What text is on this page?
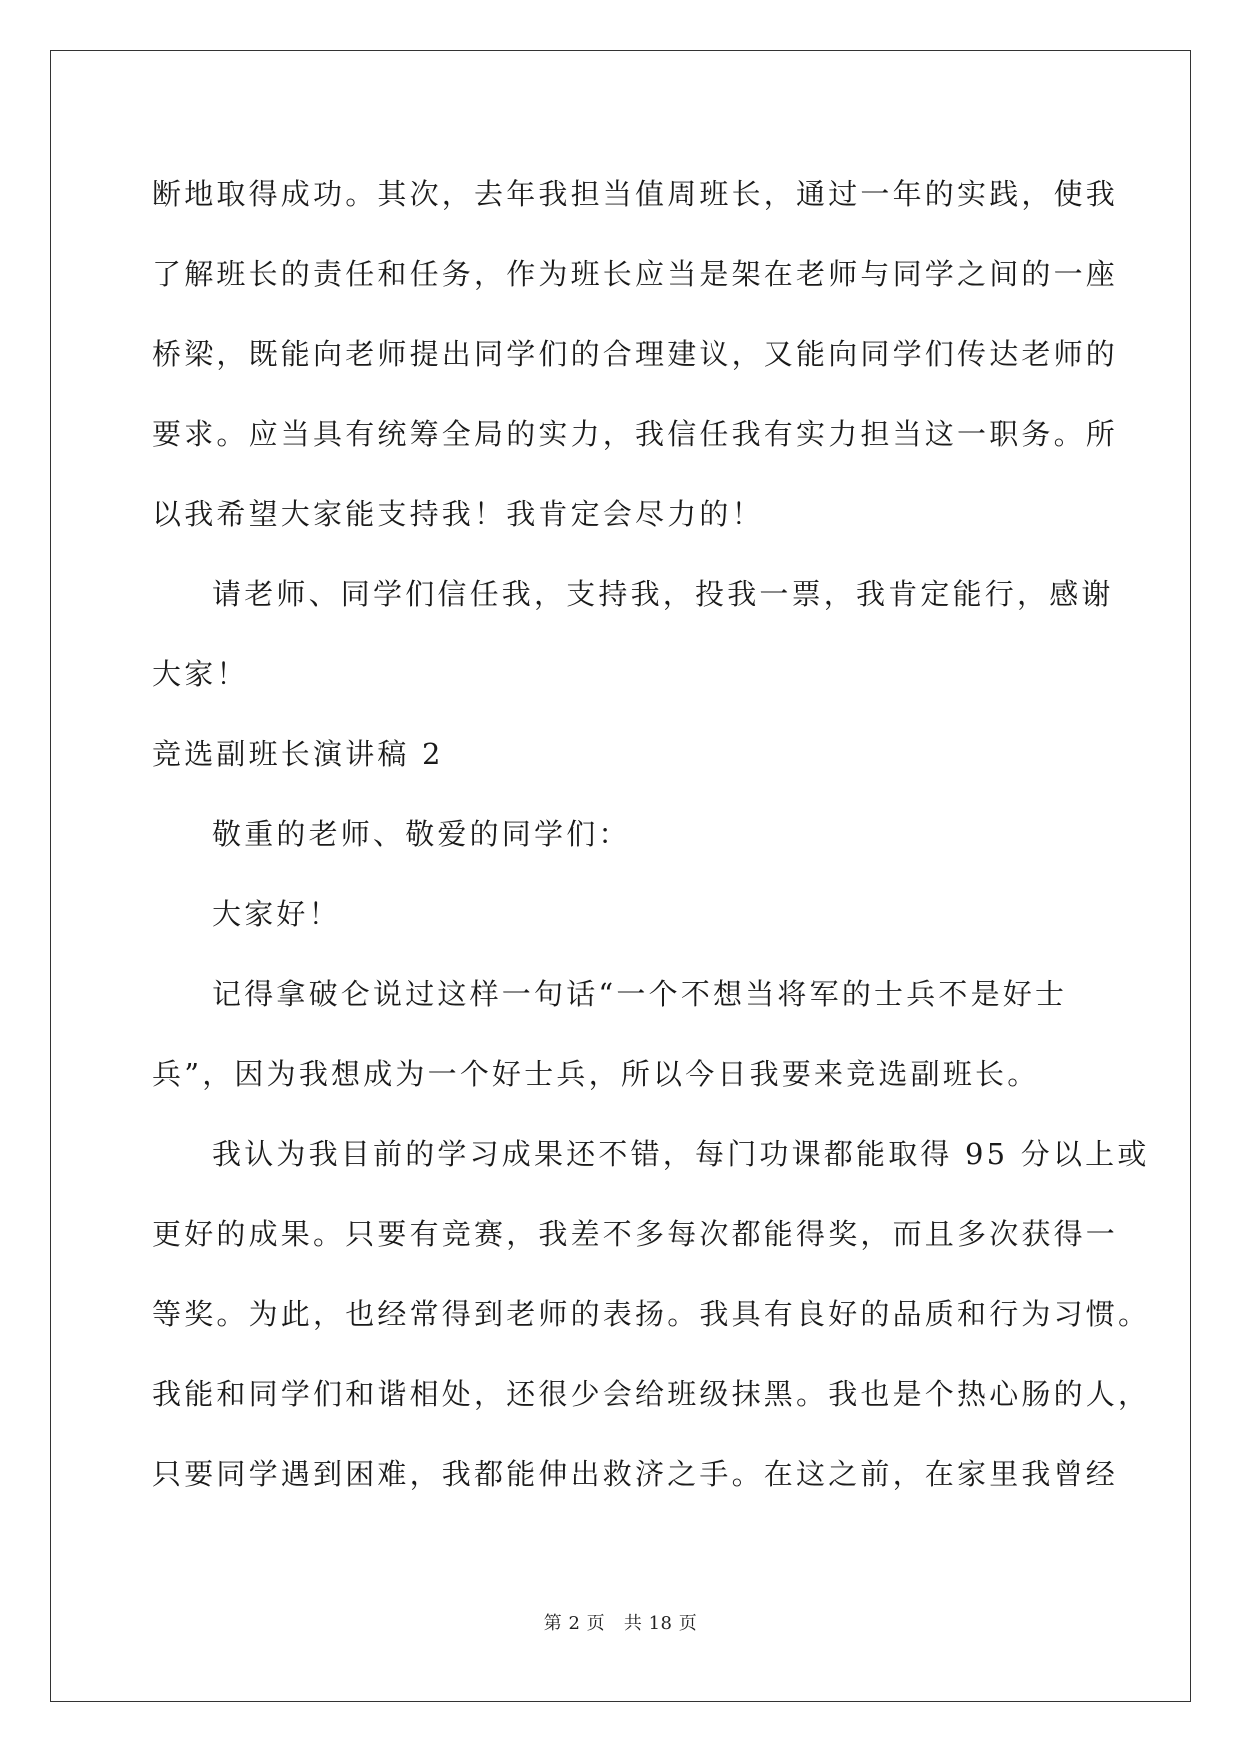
断地取得成功。其次，去年我担当值周班长，通过一年的实践，使我
了解班长的责任和任务，作为班长应当是架在老师与同学之间的一座
桥梁，既能向老师提出同学们的合理建议，又能向同学们传达老师的
要求。应当具有统筹全局的实力，我信任我有实力担当这一职务。所
以我希望大家能支持我！我肯定会尽力的！
请老师、同学们信任我，支持我，投我一票，我肯定能行，感谢
大家！
竞选副班长演讲稿 2
敬重的老师、敬爱的同学们：
大家好！
记得拿破仑说过这样一句话“一个不想当将军的士兵不是好士
兵”，因为我想成为一个好士兵，所以今日我要来竞选副班长。
我认为我目前的学习成果还不错，每门功课都能取得 95 分以上或
更好的成果。只要有竞赛，我差不多每次都能得奖，而且多次获得一
等奖。为此，也经常得到老师的表扬。我具有良好的品质和行为习惯。
我能和同学们和谐相处，还很少会给班级抹黑。我也是个热心肠的人，
只要同学遇到困难，我都能伸出救济之手。在这之前，在家里我曾经
第 2 页 共 18 页
